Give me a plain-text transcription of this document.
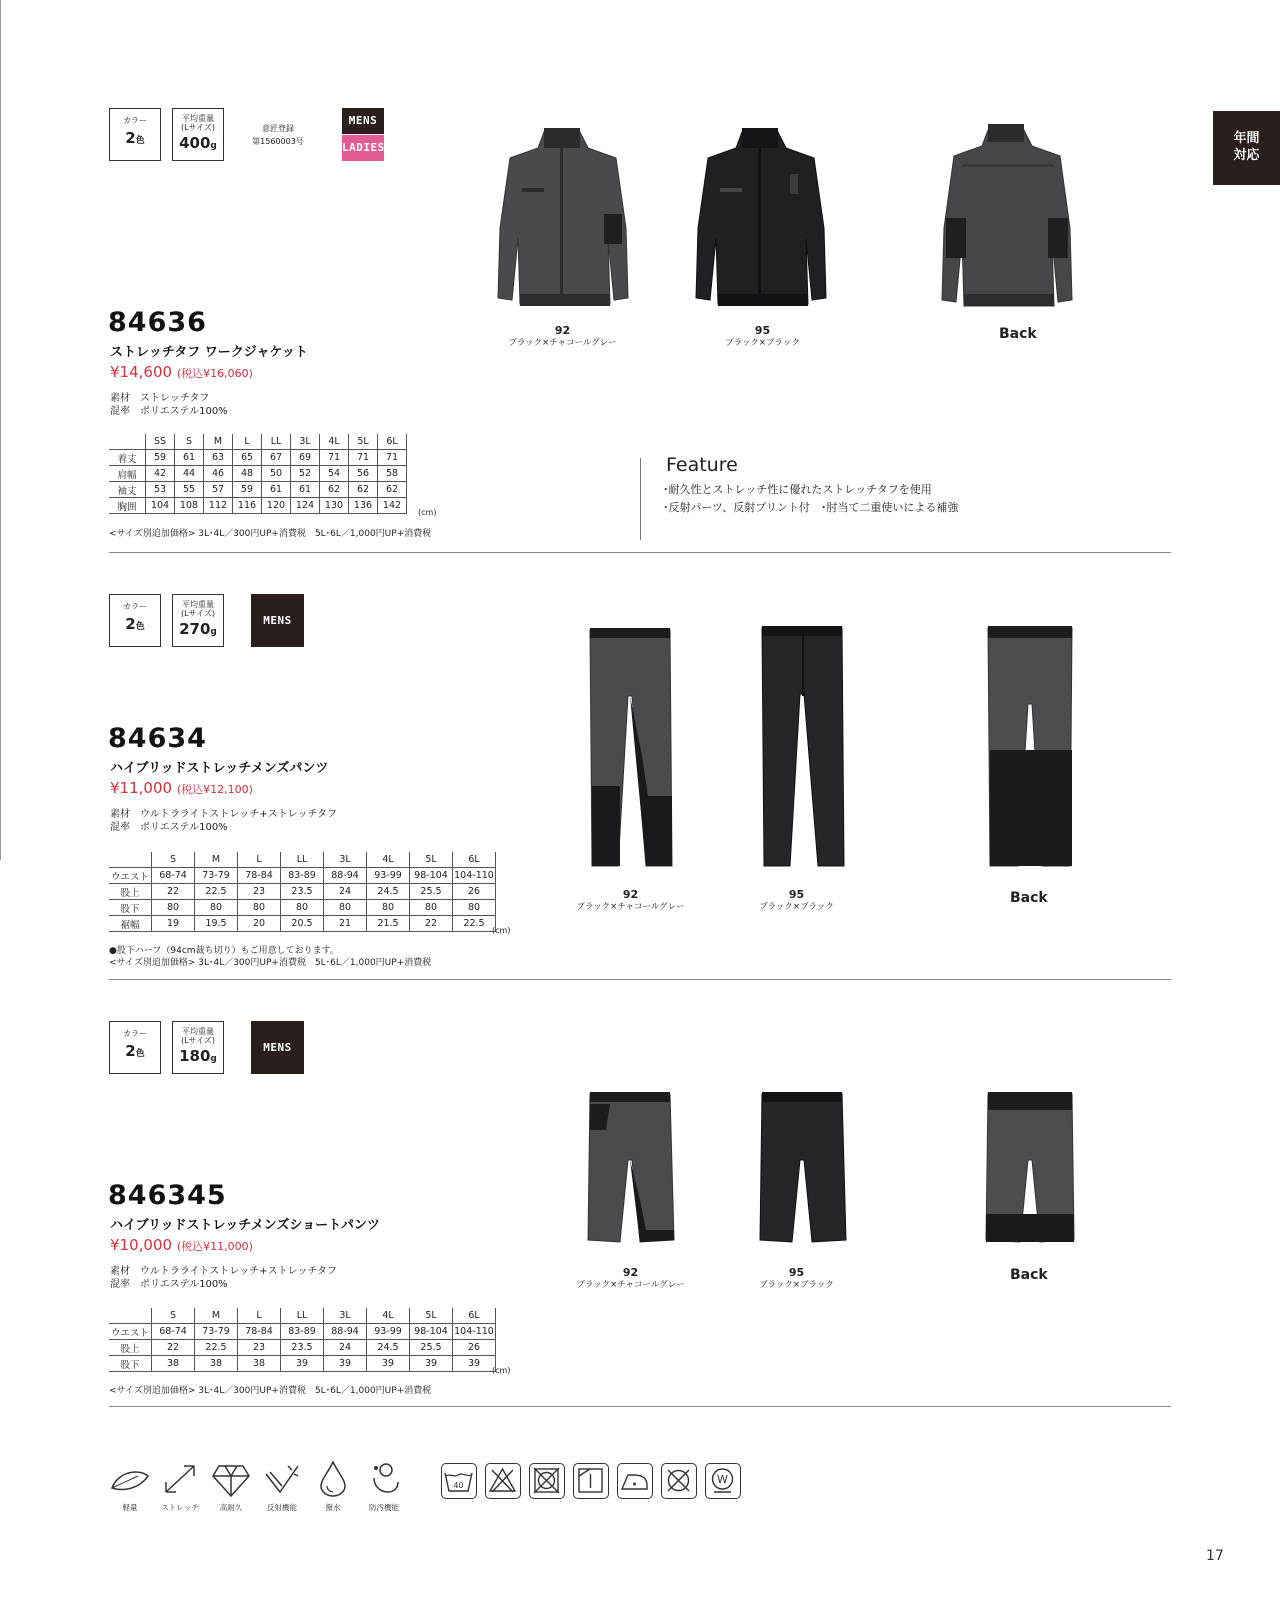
年間
対応
カラー
2色
平均重量
(Lサイズ)
400g
意匠登録
第1560003号
MENS
LADIES
84636
ストレッチタフ ワークジャケット
¥14,600 (税込¥16,060)
素材　ストレッチタフ
混率　ポリエステル100%
	SS	S	M	L	LL	3L	4L	5L	6L
着丈	59	61	63	65	67	69	71	71	71
肩幅	42	44	46	48	50	52	54	56	58
袖丈	53	55	57	59	61	61	62	62	62
胸囲	104	108	112	116	120	124	130	136	142
(cm)
<サイズ別追加価格> 3L･4L／300円UP+消費税　5L･6L／1,000円UP+消費税
92
ブラック×チャコールグレー
95
ブラック×ブラック
Back
Feature
･耐久性とストレッチ性に優れたストレッチタフを使用
･反射パーツ、反射プリント付　･肘当て二重使いによる補強
カラー
2色
平均重量
(Lサイズ)
270g
MENS
84634
ハイブリッドストレッチメンズパンツ
¥11,000 (税込¥12,100)
素材　ウルトラライトストレッチ+ストレッチタフ
混率　ポリエステル100%
	S	M	L	LL	3L	4L	5L	6L
ウエスト	68-74	73-79	78-84	83-89	88-94	93-99	98-104	104-110
股上	22	22.5	23	23.5	24	24.5	25.5	26
股下	80	80	80	80	80	80	80	80
裾幅	19	19.5	20	20.5	21	21.5	22	22.5
(cm)
●股下ハーフ（94cm裁ち切り）もご用意しております。
<サイズ別追加価格> 3L･4L／300円UP+消費税　5L･6L／1,000円UP+消費税
92
ブラック×チャコールグレー
95
ブラック×ブラック
Back
カラー
2色
平均重量
(Lサイズ)
180g
MENS
846345
ハイブリッドストレッチメンズショートパンツ
¥10,000 (税込¥11,000)
素材　ウルトラライトストレッチ+ストレッチタフ
混率　ポリエステル100%
	S	M	L	LL	3L	4L	5L	6L
ウエスト	68-74	73-79	78-84	83-89	88-94	93-99	98-104	104-110
股上	22	22.5	23	23.5	24	24.5	25.5	26
股下	38	38	38	39	39	39	39	39
(cm)
<サイズ別追加価格> 3L･4L／300円UP+消費税　5L･6L／1,000円UP+消費税
92
ブラック×チャコールグレー
95
ブラック×ブラック
Back
軽量	ストレッチ	高耐久	反射機能	撥水	防汚機能
40	W
17
